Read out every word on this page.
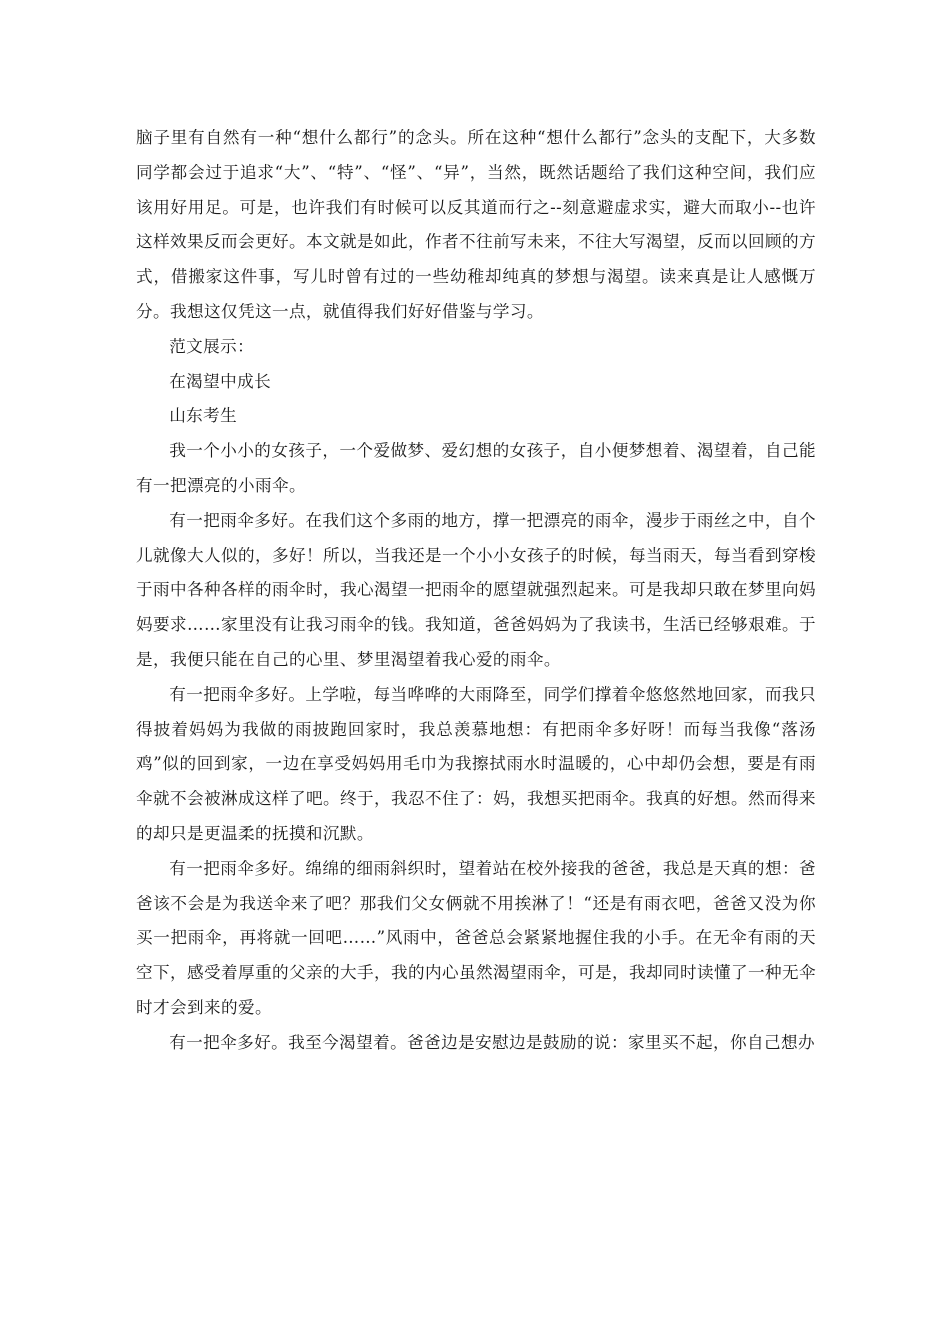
脑子里有自然有一种“想什么都行”的念头。所在这种“想什么都行”念头的支配下，大多数同学都会过于追求“大”、“特”、“怪”、“异”，当然，既然话题给了我们这种空间，我们应该用好用足。可是，也许我们有时候可以反其道而行之--刻意避虚求实，避大而取小--也许这样效果反而会更好。本文就是如此，作者不往前写未来，不往大写渴望，反而以回顾的方式，借搬家这件事，写儿时曾有过的一些幼稚却纯真的梦想与渴望。读来真是让人感慨万分。我想这仅凭这一点，就值得我们好好借鉴与学习。

范文展示：

在渴望中成长

山东考生

我一个小小的女孩子，一个爱做梦、爱幻想的女孩子，自小便梦想着、渴望着，自己能有一把漂亮的小雨伞。

有一把雨伞多好。在我们这个多雨的地方，撑一把漂亮的雨伞，漫步于雨丝之中，自个儿就像大人似的，多好！所以，当我还是一个小小女孩子的时候，每当雨天，每当看到穿梭于雨中各种各样的雨伞时，我心渴望一把雨伞的愿望就强烈起来。可是我却只敢在梦里向妈妈要求……家里没有让我习雨伞的钱。我知道，爸爸妈妈为了我读书，生活已经够艰难。于是，我便只能在自己的心里、梦里渴望着我心爱的雨伞。

有一把雨伞多好。上学啦，每当哗哗的大雨降至，同学们撑着伞悠悠然地回家，而我只得披着妈妈为我做的雨披跑回家时，我总羡慕地想：有把雨伞多好呀！而每当我像“落汤鸡”似的回到家，一边在享受妈妈用毛巾为我擦拭雨水时温暖的，心中却仍会想，要是有雨伞就不会被淋成这样了吧。终于，我忍不住了：妈，我想买把雨伞。我真的好想。然而得来的却只是更温柔的抚摸和沉默。

有一把雨伞多好。绵绵的细雨斜织时，望着站在校外接我的爸爸，我总是天真的想：爸爸该不会是为我送伞来了吧？那我们父女俩就不用挨淋了！“还是有雨衣吧，爸爸又没为你买一把雨伞，再将就一回吧……”风雨中，爸爸总会紧紧地握住我的小手。在无伞有雨的天空下，感受着厚重的父亲的大手，我的内心虽然渴望雨伞，可是，我却同时读懂了一种无伞时才会到来的爱。

有一把伞多好。我至今渴望着。爸爸边是安慰边是鼓励的说：家里买不起，你自己想办
